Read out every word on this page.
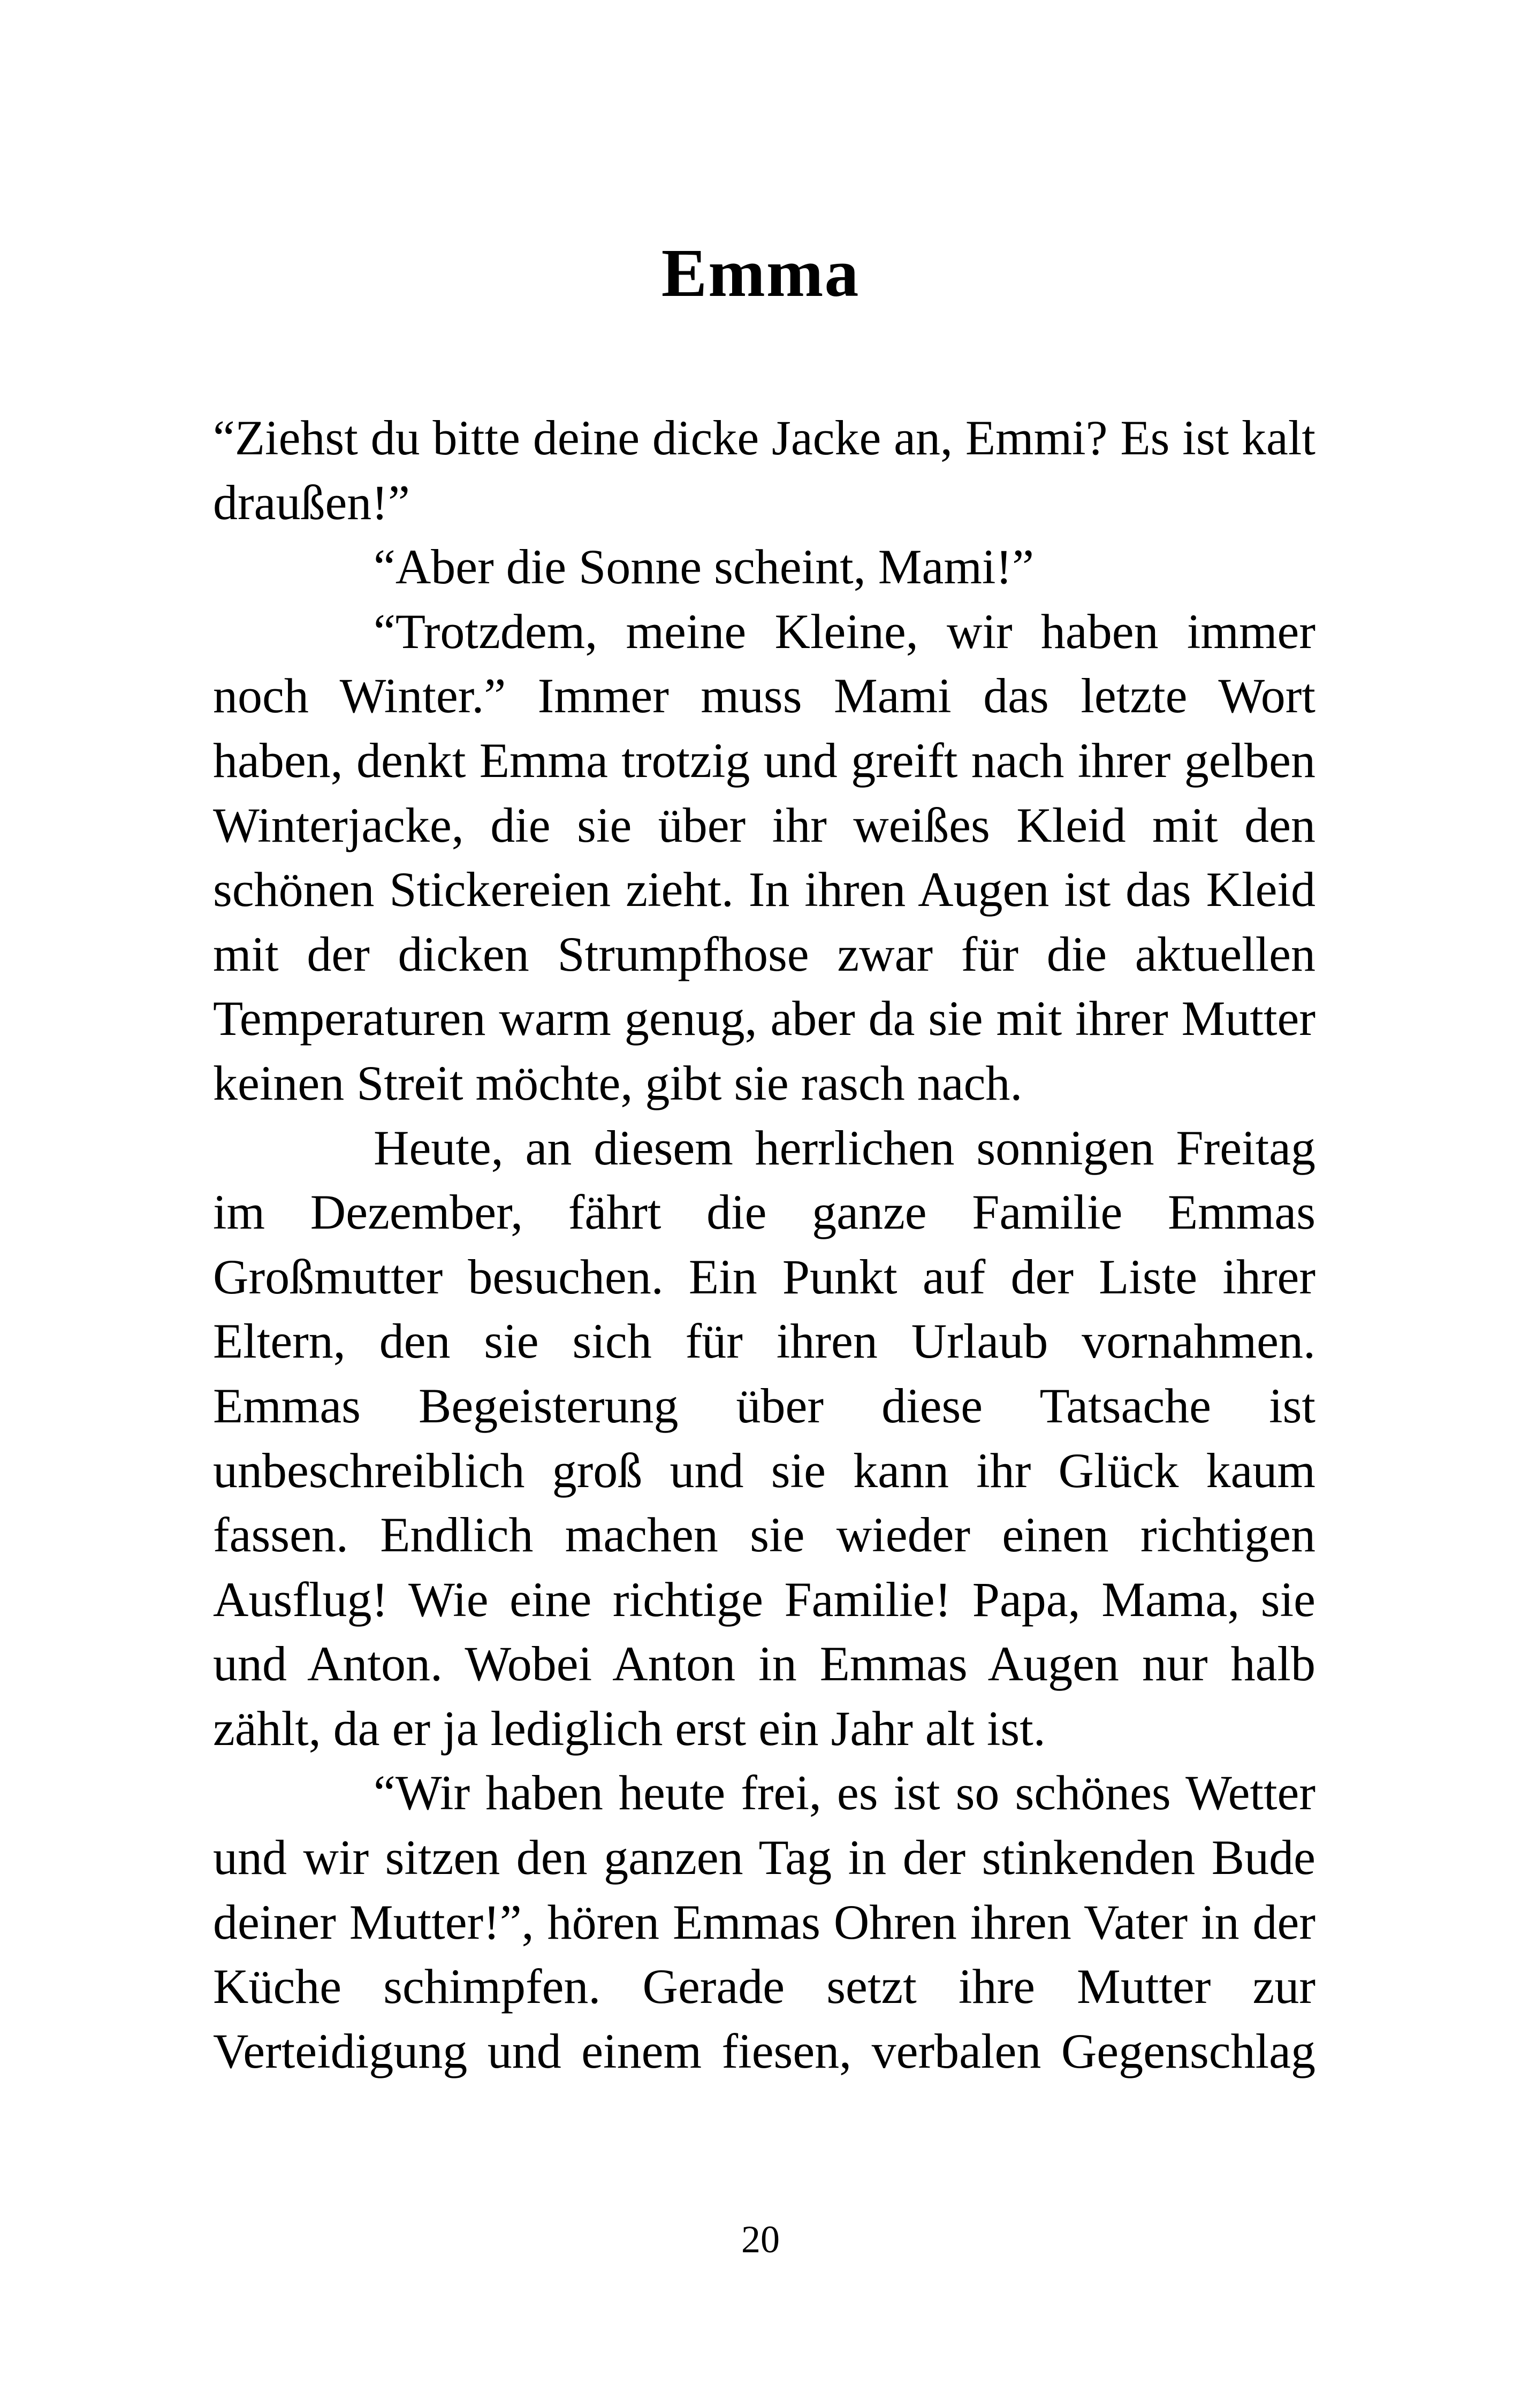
Emma

“Ziehst du bitte deine dicke Jacke an, Emmi? Es ist kalt draußen!”

“Aber die Sonne scheint, Mami!”

“Trotzdem, meine Kleine, wir haben immer noch Winter.” Immer muss Mami das letzte Wort haben, denkt Emma trotzig und greift nach ihrer gelben Winterjacke, die sie über ihr weißes Kleid mit den schönen Stickereien zieht. In ihren Augen ist das Kleid mit der dicken Strumpfhose zwar für die aktuellen Temperaturen warm genug, aber da sie mit ihrer Mutter keinen Streit möchte, gibt sie rasch nach.

Heute, an diesem herrlichen sonnigen Freitag im Dezember, fährt die ganze Familie Emmas Großmutter besuchen. Ein Punkt auf der Liste ihrer Eltern, den sie sich für ihren Urlaub vornahmen. Emmas Begeisterung über diese Tatsache ist unbeschreiblich groß und sie kann ihr Glück kaum fassen. Endlich machen sie wieder einen richtigen Ausflug! Wie eine richtige Familie! Papa, Mama, sie und Anton. Wobei Anton in Emmas Augen nur halb zählt, da er ja lediglich erst ein Jahr alt ist.

“Wir haben heute frei, es ist so schönes Wetter und wir sitzen den ganzen Tag in der stinkenden Bude deiner Mutter!”, hören Emmas Ohren ihren Vater in der Küche schimpfen. Gerade setzt ihre Mutter zur Verteidigung und einem fiesen, verbalen Gegenschlag

20
